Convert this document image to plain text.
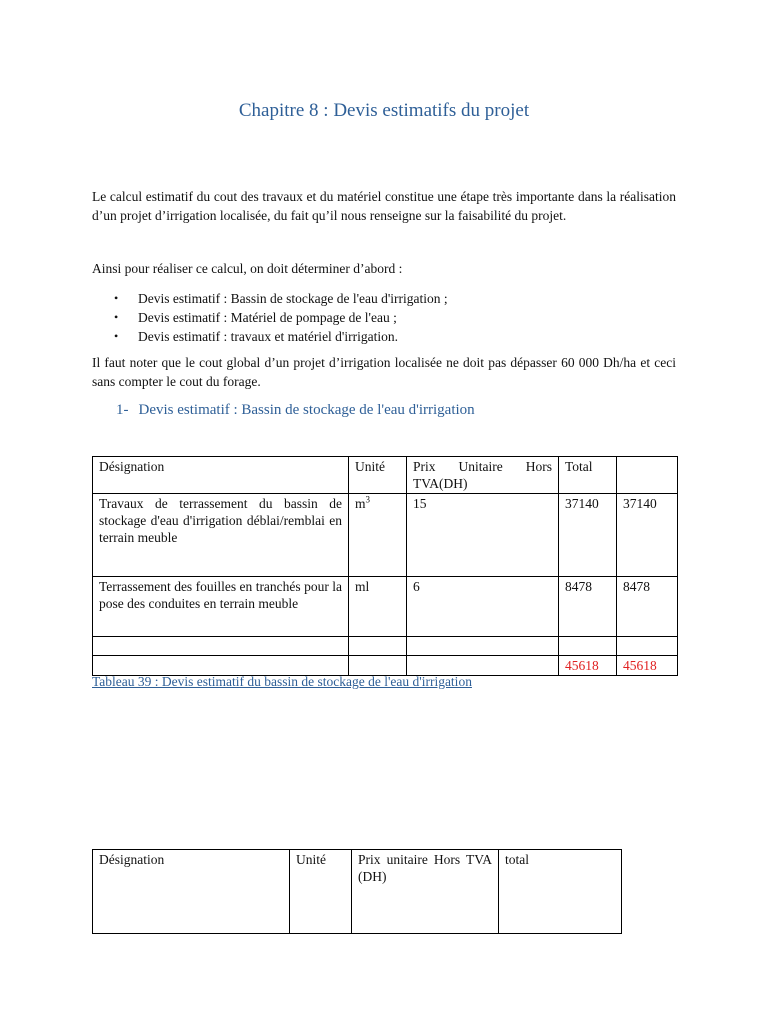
Chapitre 8 : Devis estimatifs du projet

Le calcul estimatif du cout des travaux et du matériel constitue une étape très importante dans la réalisation d’un projet d’irrigation localisée, du fait qu’il nous renseigne sur la faisabilité du projet.

Ainsi pour réaliser ce calcul, on doit déterminer d’abord :

• Devis estimatif : Bassin de stockage de l'eau d'irrigation ;
• Devis estimatif : Matériel de pompage de l'eau ;
• Devis estimatif : travaux et matériel d'irrigation.

Il faut noter que le cout global d’un projet d’irrigation localisée ne doit pas dépasser 60 000 Dh/ha et ceci sans compter le cout du forage.

1- Devis estimatif : Bassin de stockage de l'eau d'irrigation
Désignation	Unité	Prix Unitaire Hors TVA(DH)	Total	
Travaux de terrassement du bassin de stockage d'eau d'irrigation déblai/remblai en terrain meuble	$m^3$	15	37140	37140
Terrassement des fouilles en tranchés pour la pose des conduites en terrain meuble	ml	6	8478	8478

			45618	45618
Tableau 39 : Devis estimatif du bassin de stockage de l'eau d'irrigation
Désignation	Unité	Prix unitaire Hors TVA (DH)	total
